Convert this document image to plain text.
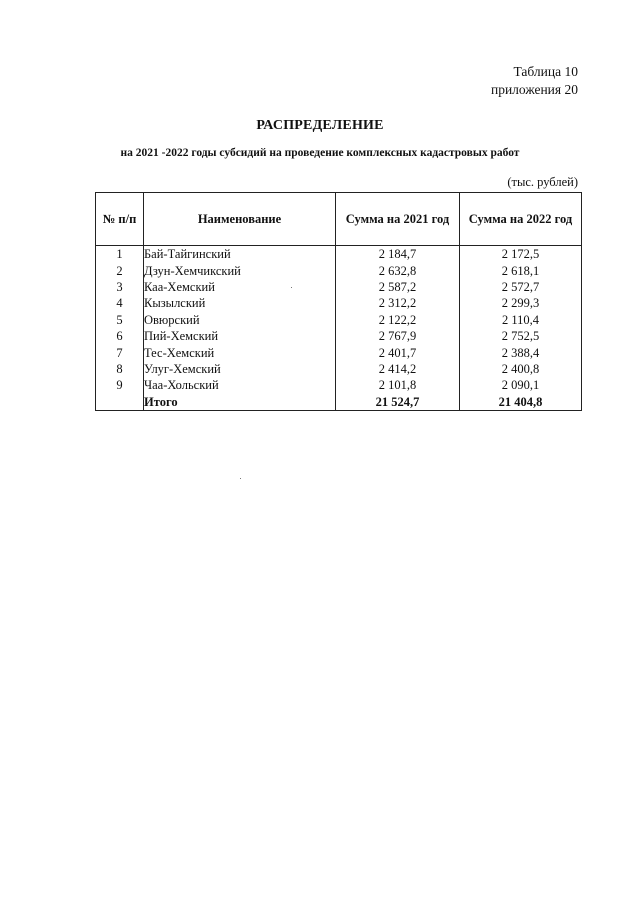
Таблица 10
приложения 20
РАСПРЕДЕЛЕНИЕ
на 2021 -2022 годы субсидий на проведение комплексных кадастровых работ
(тыс. рублей)
№ п/п	Наименование	Сумма на 2021 год	Сумма на 2022 год
1	Бай-Тайгинский	2 184,7	2 172,5
2	Дзун-Хемчикский	2 632,8	2 618,1
3	Каа-Хемский	2 587,2	2 572,7
4	Кызылский	2 312,2	2 299,3
5	Овюрский	2 122,2	2 110,4
6	Пий-Хемский	2 767,9	2 752,5
7	Тес-Хемский	2 401,7	2 388,4
8	Улуг-Хемский	2 414,2	2 400,8
9	Чаа-Хольский	2 101,8	2 090,1
	Итого	21 524,7	21 404,8
